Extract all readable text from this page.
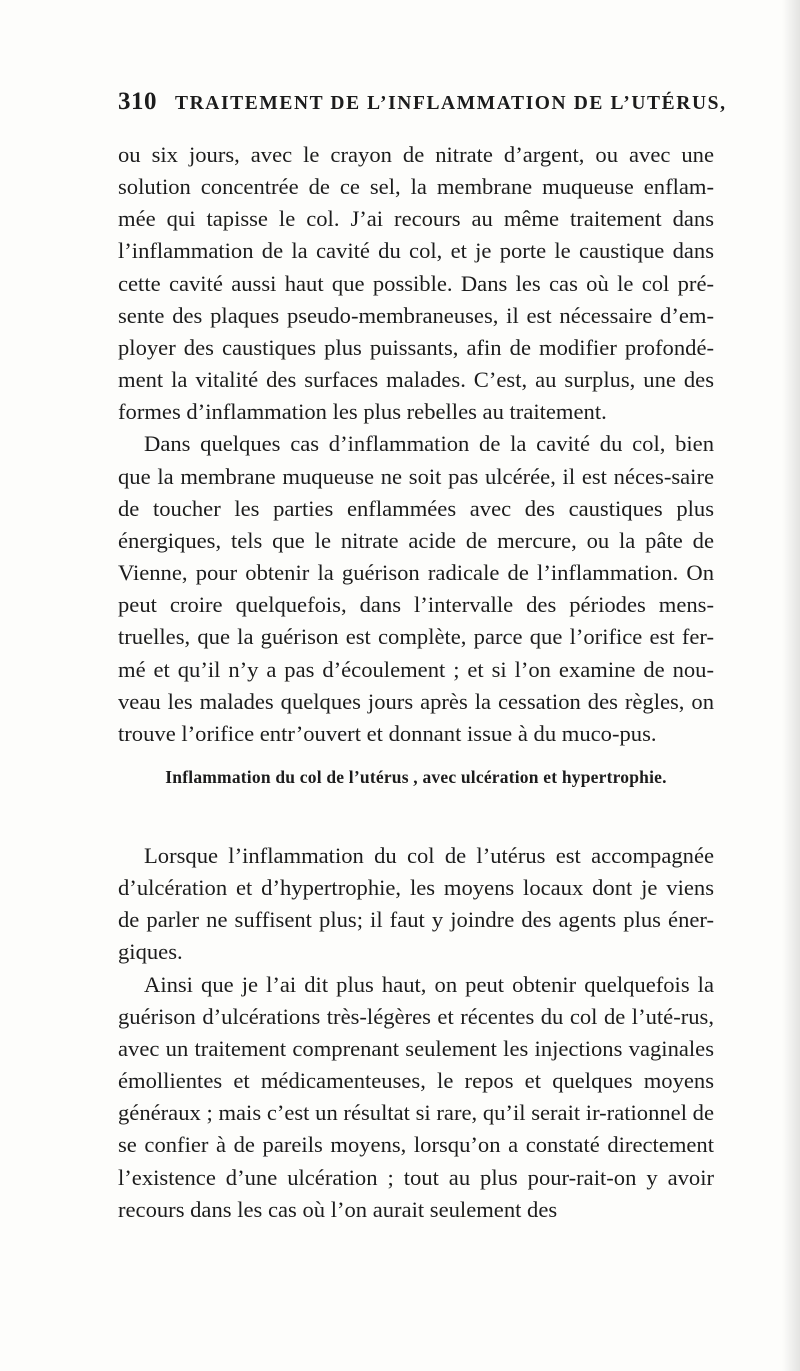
310 TRAITEMENT DE L’INFLAMMATION DE L’UTÉRUS,

ou six jours, avec le crayon de nitrate d’argent, ou avec une solution concentrée de ce sel, la membrane muqueuse enflam-mée qui tapisse le col. J’ai recours au même traitement dans l’inflammation de la cavité du col, et je porte le caustique dans cette cavité aussi haut que possible. Dans les cas où le col pré-sente des plaques pseudo-membraneuses, il est nécessaire d’em-ployer des caustiques plus puissants, afin de modifier profondé-ment la vitalité des surfaces malades. C’est, au surplus, une des formes d’inflammation les plus rebelles au traitement.

Dans quelques cas d’inflammation de la cavité du col, bien que la membrane muqueuse ne soit pas ulcérée, il est néces-saire de toucher les parties enflammées avec des caustiques plus énergiques, tels que le nitrate acide de mercure, ou la pâte de Vienne, pour obtenir la guérison radicale de l’inflammation. On peut croire quelquefois, dans l’intervalle des périodes mens-truelles, que la guérison est complète, parce que l’orifice est fer-mé et qu’il n’y a pas d’écoulement ; et si l’on examine de nou-veau les malades quelques jours après la cessation des règles, on trouve l’orifice entr’ouvert et donnant issue à du muco-pus.

Inflammation du col de l’utérus , avec ulcération et hypertrophie.

Lorsque l’inflammation du col de l’utérus est accompagnée d’ulcération et d’hypertrophie, les moyens locaux dont je viens de parler ne suffisent plus; il faut y joindre des agents plus éner-giques.

Ainsi que je l’ai dit plus haut, on peut obtenir quelquefois la guérison d’ulcérations très-légères et récentes du col de l’uté-rus, avec un traitement comprenant seulement les injections vaginales émollientes et médicamenteuses, le repos et quelques moyens généraux ; mais c’est un résultat si rare, qu’il serait ir-rationnel de se confier à de pareils moyens, lorsqu’on a constaté directement l’existence d’une ulcération ; tout au plus pour-rait-on y avoir recours dans les cas où l’on aurait seulement des
